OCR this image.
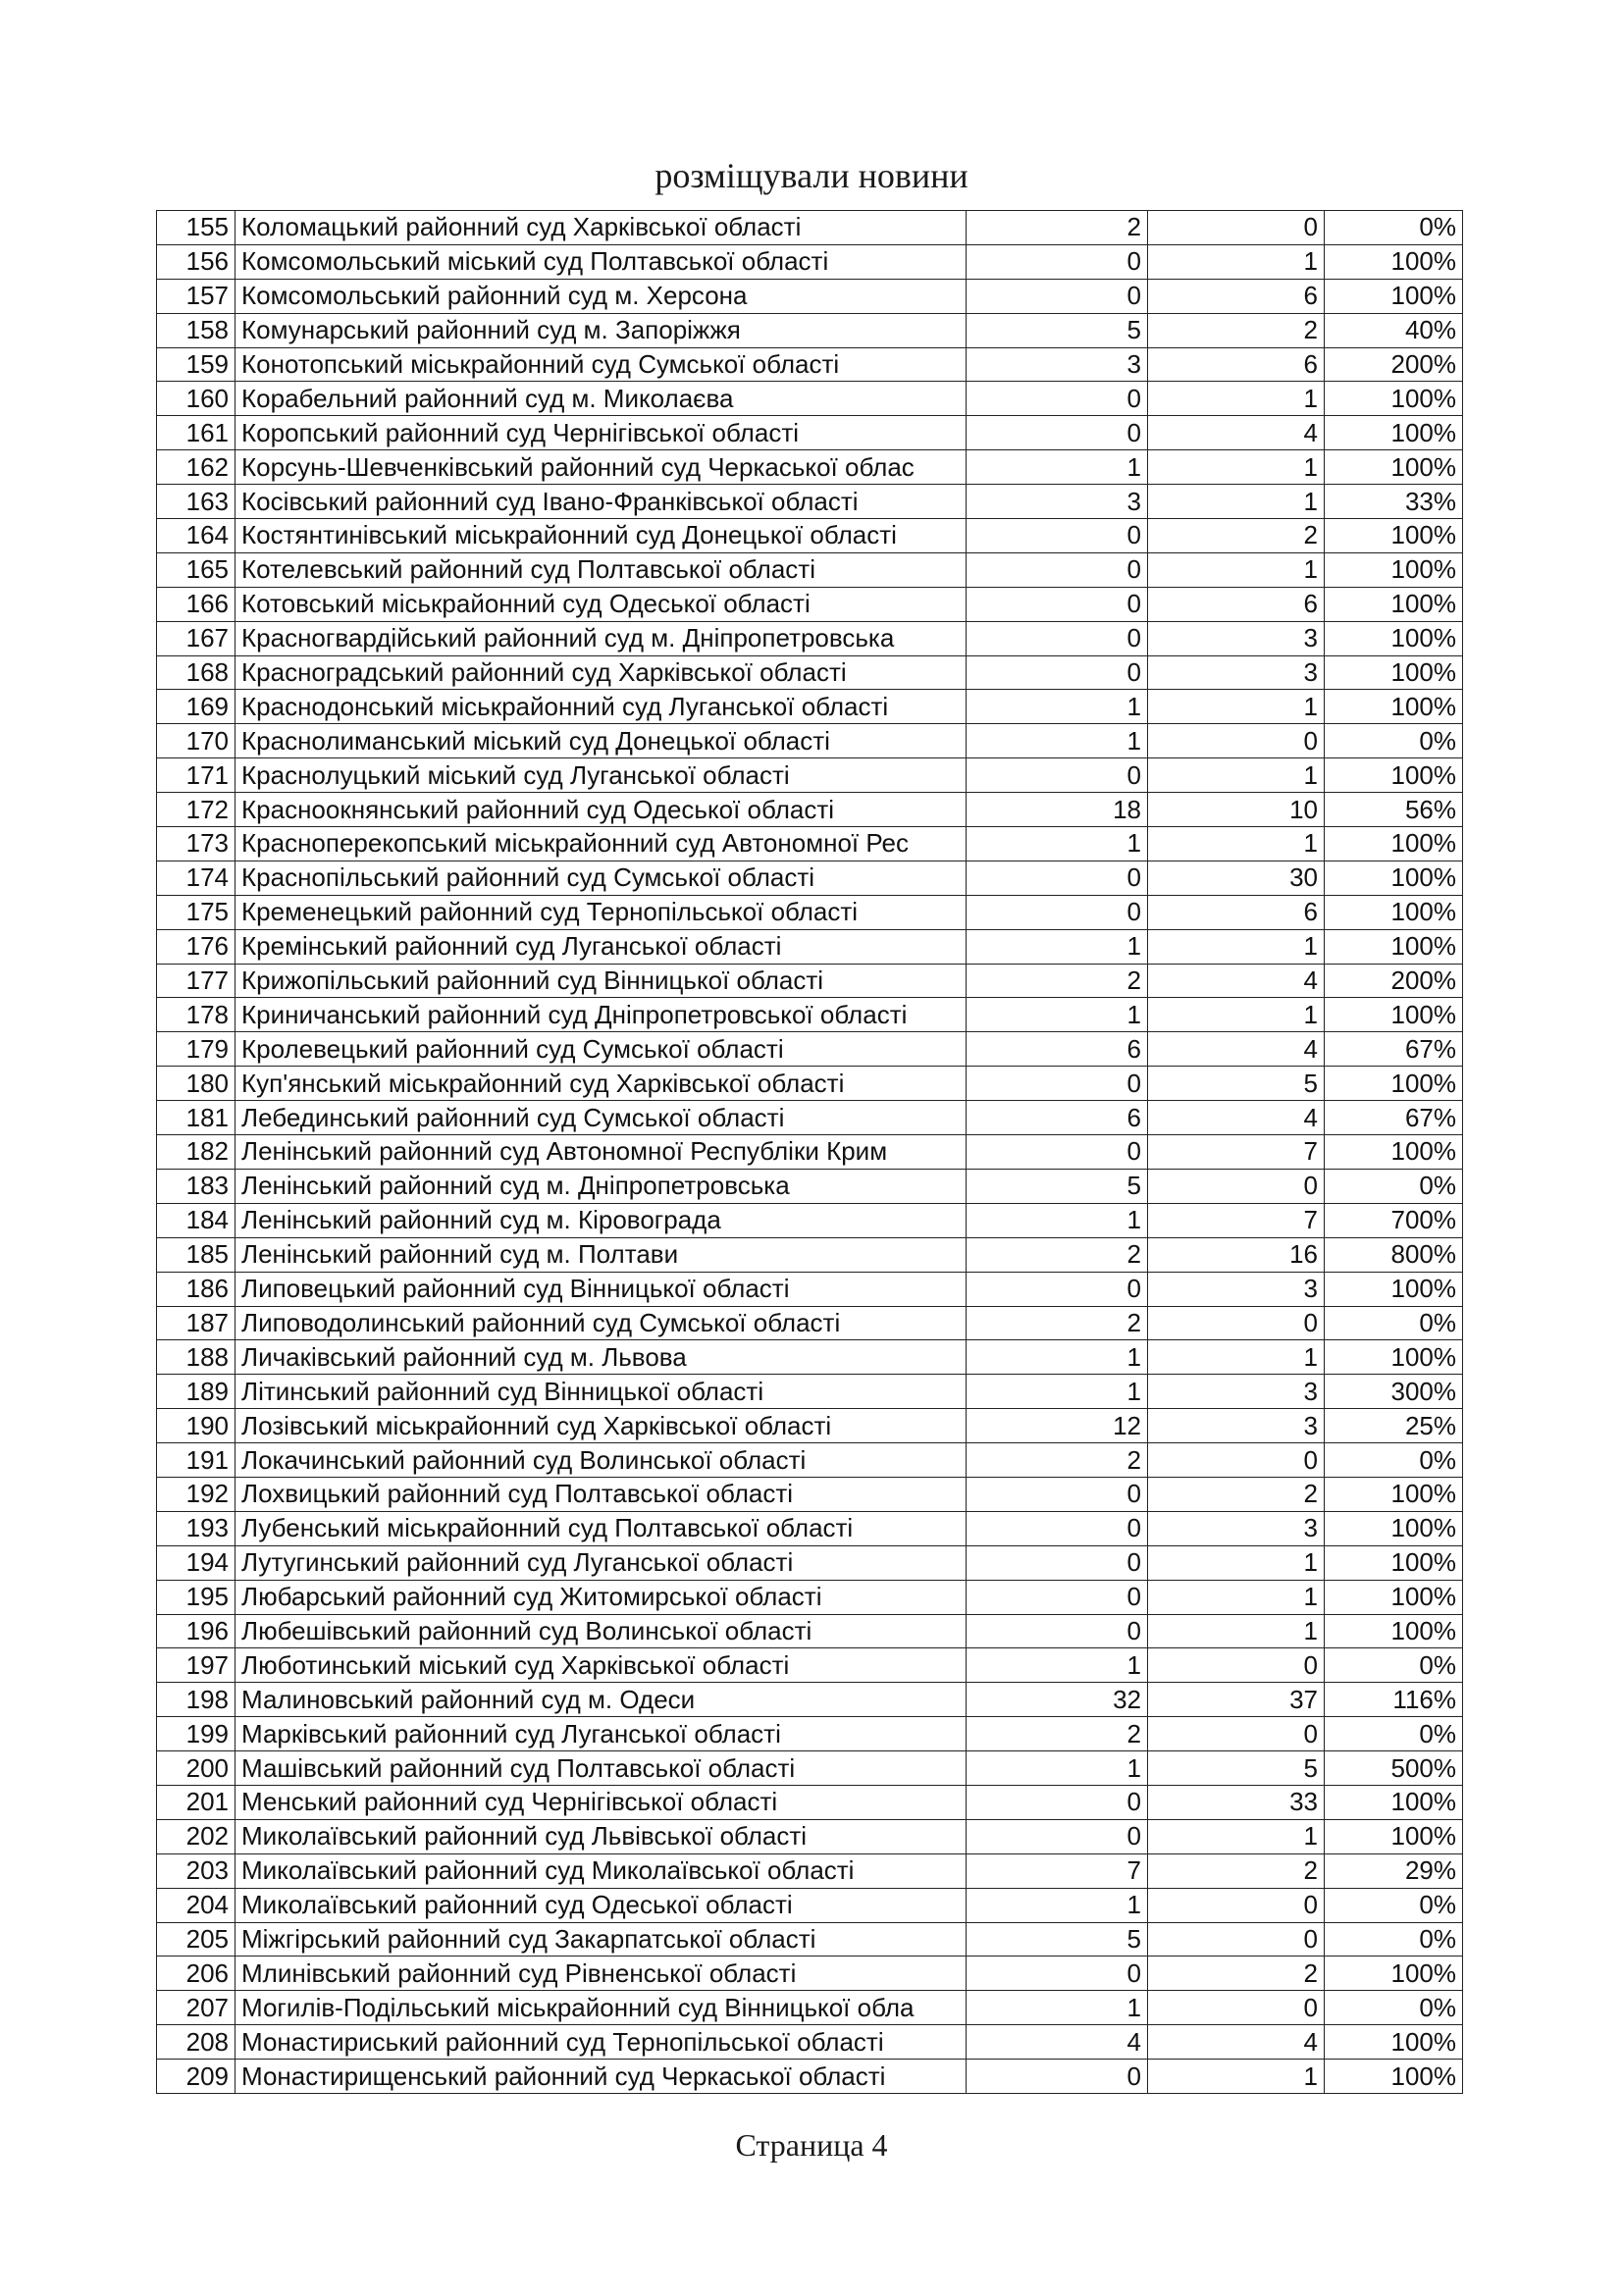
розміщували новини
155	Коломацький районний суд Харківської області	2	0	0%
156	Комсомольський міський суд Полтавської області	0	1	100%
157	Комсомольський районний суд м. Херсона	0	6	100%
158	Комунарський районний суд м. Запоріжжя	5	2	40%
159	Конотопський міськрайонний суд Сумської області	3	6	200%
160	Корабельний районний суд м. Миколаєва	0	1	100%
161	Коропський районний суд Чернігівської області	0	4	100%
162	Корсунь-Шевченківський районний суд Черкаської облас	1	1	100%
163	Косівський районний суд Івано-Франківської області	3	1	33%
164	Костянтинівський міськрайонний суд Донецької області	0	2	100%
165	Котелевський районний суд Полтавської області	0	1	100%
166	Котовський міськрайонний суд Одеської області	0	6	100%
167	Красногвардійський районний суд м. Дніпропетровська	0	3	100%
168	Красноградський районний суд Харківської області	0	3	100%
169	Краснодонський міськрайонний суд Луганської області	1	1	100%
170	Краснолиманський міський суд Донецької області	1	0	0%
171	Краснолуцький міський суд Луганської області	0	1	100%
172	Красноокнянський районний суд Одеської області	18	10	56%
173	Красноперекопський міськрайонний суд Автономної Рес	1	1	100%
174	Краснопільський районний суд Сумської області	0	30	100%
175	Кременецький районний суд Тернопільської області	0	6	100%
176	Кремінський районний суд Луганської області	1	1	100%
177	Крижопільський районний суд Вінницької області	2	4	200%
178	Криничанський районний суд Дніпропетровської області	1	1	100%
179	Кролевецький районний суд Сумської області	6	4	67%
180	Куп'янський міськрайонний суд Харківської області	0	5	100%
181	Лебединський районний суд Сумської області	6	4	67%
182	Ленінський районний суд Автономної Республіки Крим	0	7	100%
183	Ленінський районний суд м. Дніпропетровська	5	0	0%
184	Ленінський районний суд м. Кіровограда	1	7	700%
185	Ленінський районний суд м. Полтави	2	16	800%
186	Липовецький районний суд Вінницької області	0	3	100%
187	Липоводолинський районний суд Сумської області	2	0	0%
188	Личаківський районний суд м. Львова	1	1	100%
189	Літинський районний суд Вінницької області	1	3	300%
190	Лозівський міськрайонний суд Харківської області	12	3	25%
191	Локачинський районний суд Волинської області	2	0	0%
192	Лохвицький районний суд Полтавської області	0	2	100%
193	Лубенський міськрайонний суд Полтавської області	0	3	100%
194	Лутугинський районний суд Луганської області	0	1	100%
195	Любарський районний суд Житомирської області	0	1	100%
196	Любешівський районний суд Волинської області	0	1	100%
197	Люботинський міський суд Харківської області	1	0	0%
198	Малиновський районний суд м. Одеси	32	37	116%
199	Марківський районний суд Луганської області	2	0	0%
200	Машівський районний суд Полтавської області	1	5	500%
201	Менський районний суд Чернігівської області	0	33	100%
202	Миколаївський районний суд Львівської області	0	1	100%
203	Миколаївський районний суд Миколаївської області	7	2	29%
204	Миколаївський районний суд Одеської області	1	0	0%
205	Міжгірський районний суд Закарпатської області	5	0	0%
206	Млинівський районний суд Рівненської області	0	2	100%
207	Могилів-Подільський міськрайонний суд Вінницької обла	1	0	0%
208	Монастириський районний суд Тернопільської області	4	4	100%
209	Монастирищенський районний суд Черкаської області	0	1	100%
Страница 4
